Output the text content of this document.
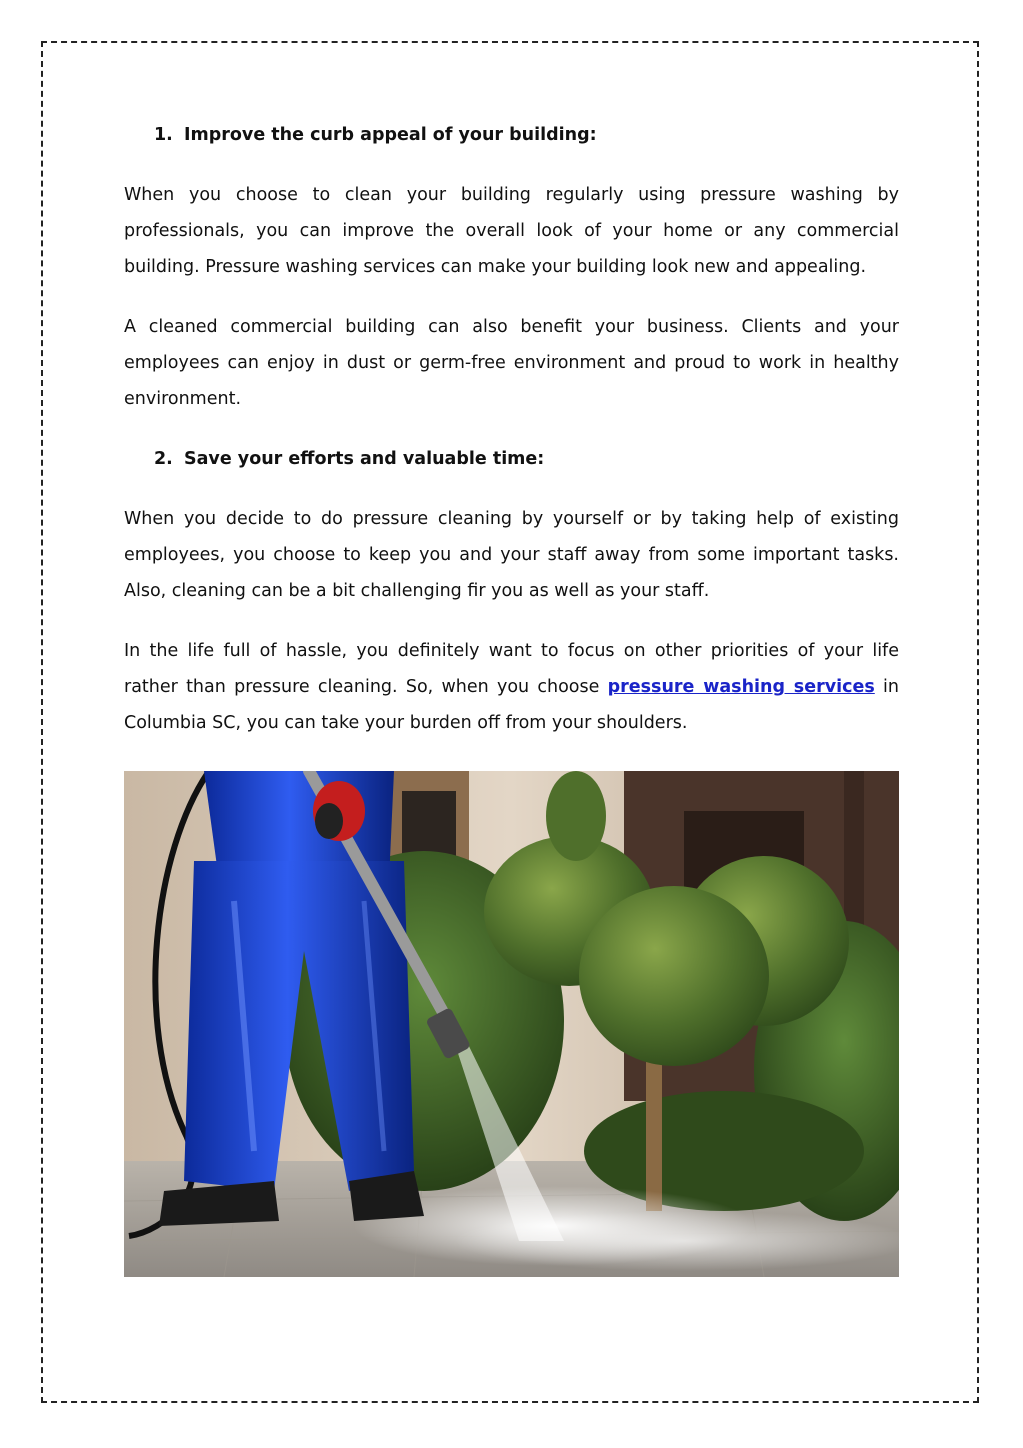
1. Improve the curb appeal of your building:

When you choose to clean your building regularly using pressure washing by professionals, you can improve the overall look of your home or any commercial building. Pressure washing services can make your building look new and appealing.

A cleaned commercial building can also benefit your business. Clients and your employees can enjoy in dust or germ-free environment and proud to work in healthy environment.

2. Save your efforts and valuable time:

When you decide to do pressure cleaning by yourself or by taking help of existing employees, you choose to keep you and your staff away from some important tasks. Also, cleaning can be a bit challenging fir you as well as your staff.

In the life full of hassle, you definitely want to focus on other priorities of your life rather than pressure cleaning. So, when you choose pressure washing services in Columbia SC, you can take your burden off from your shoulders.
